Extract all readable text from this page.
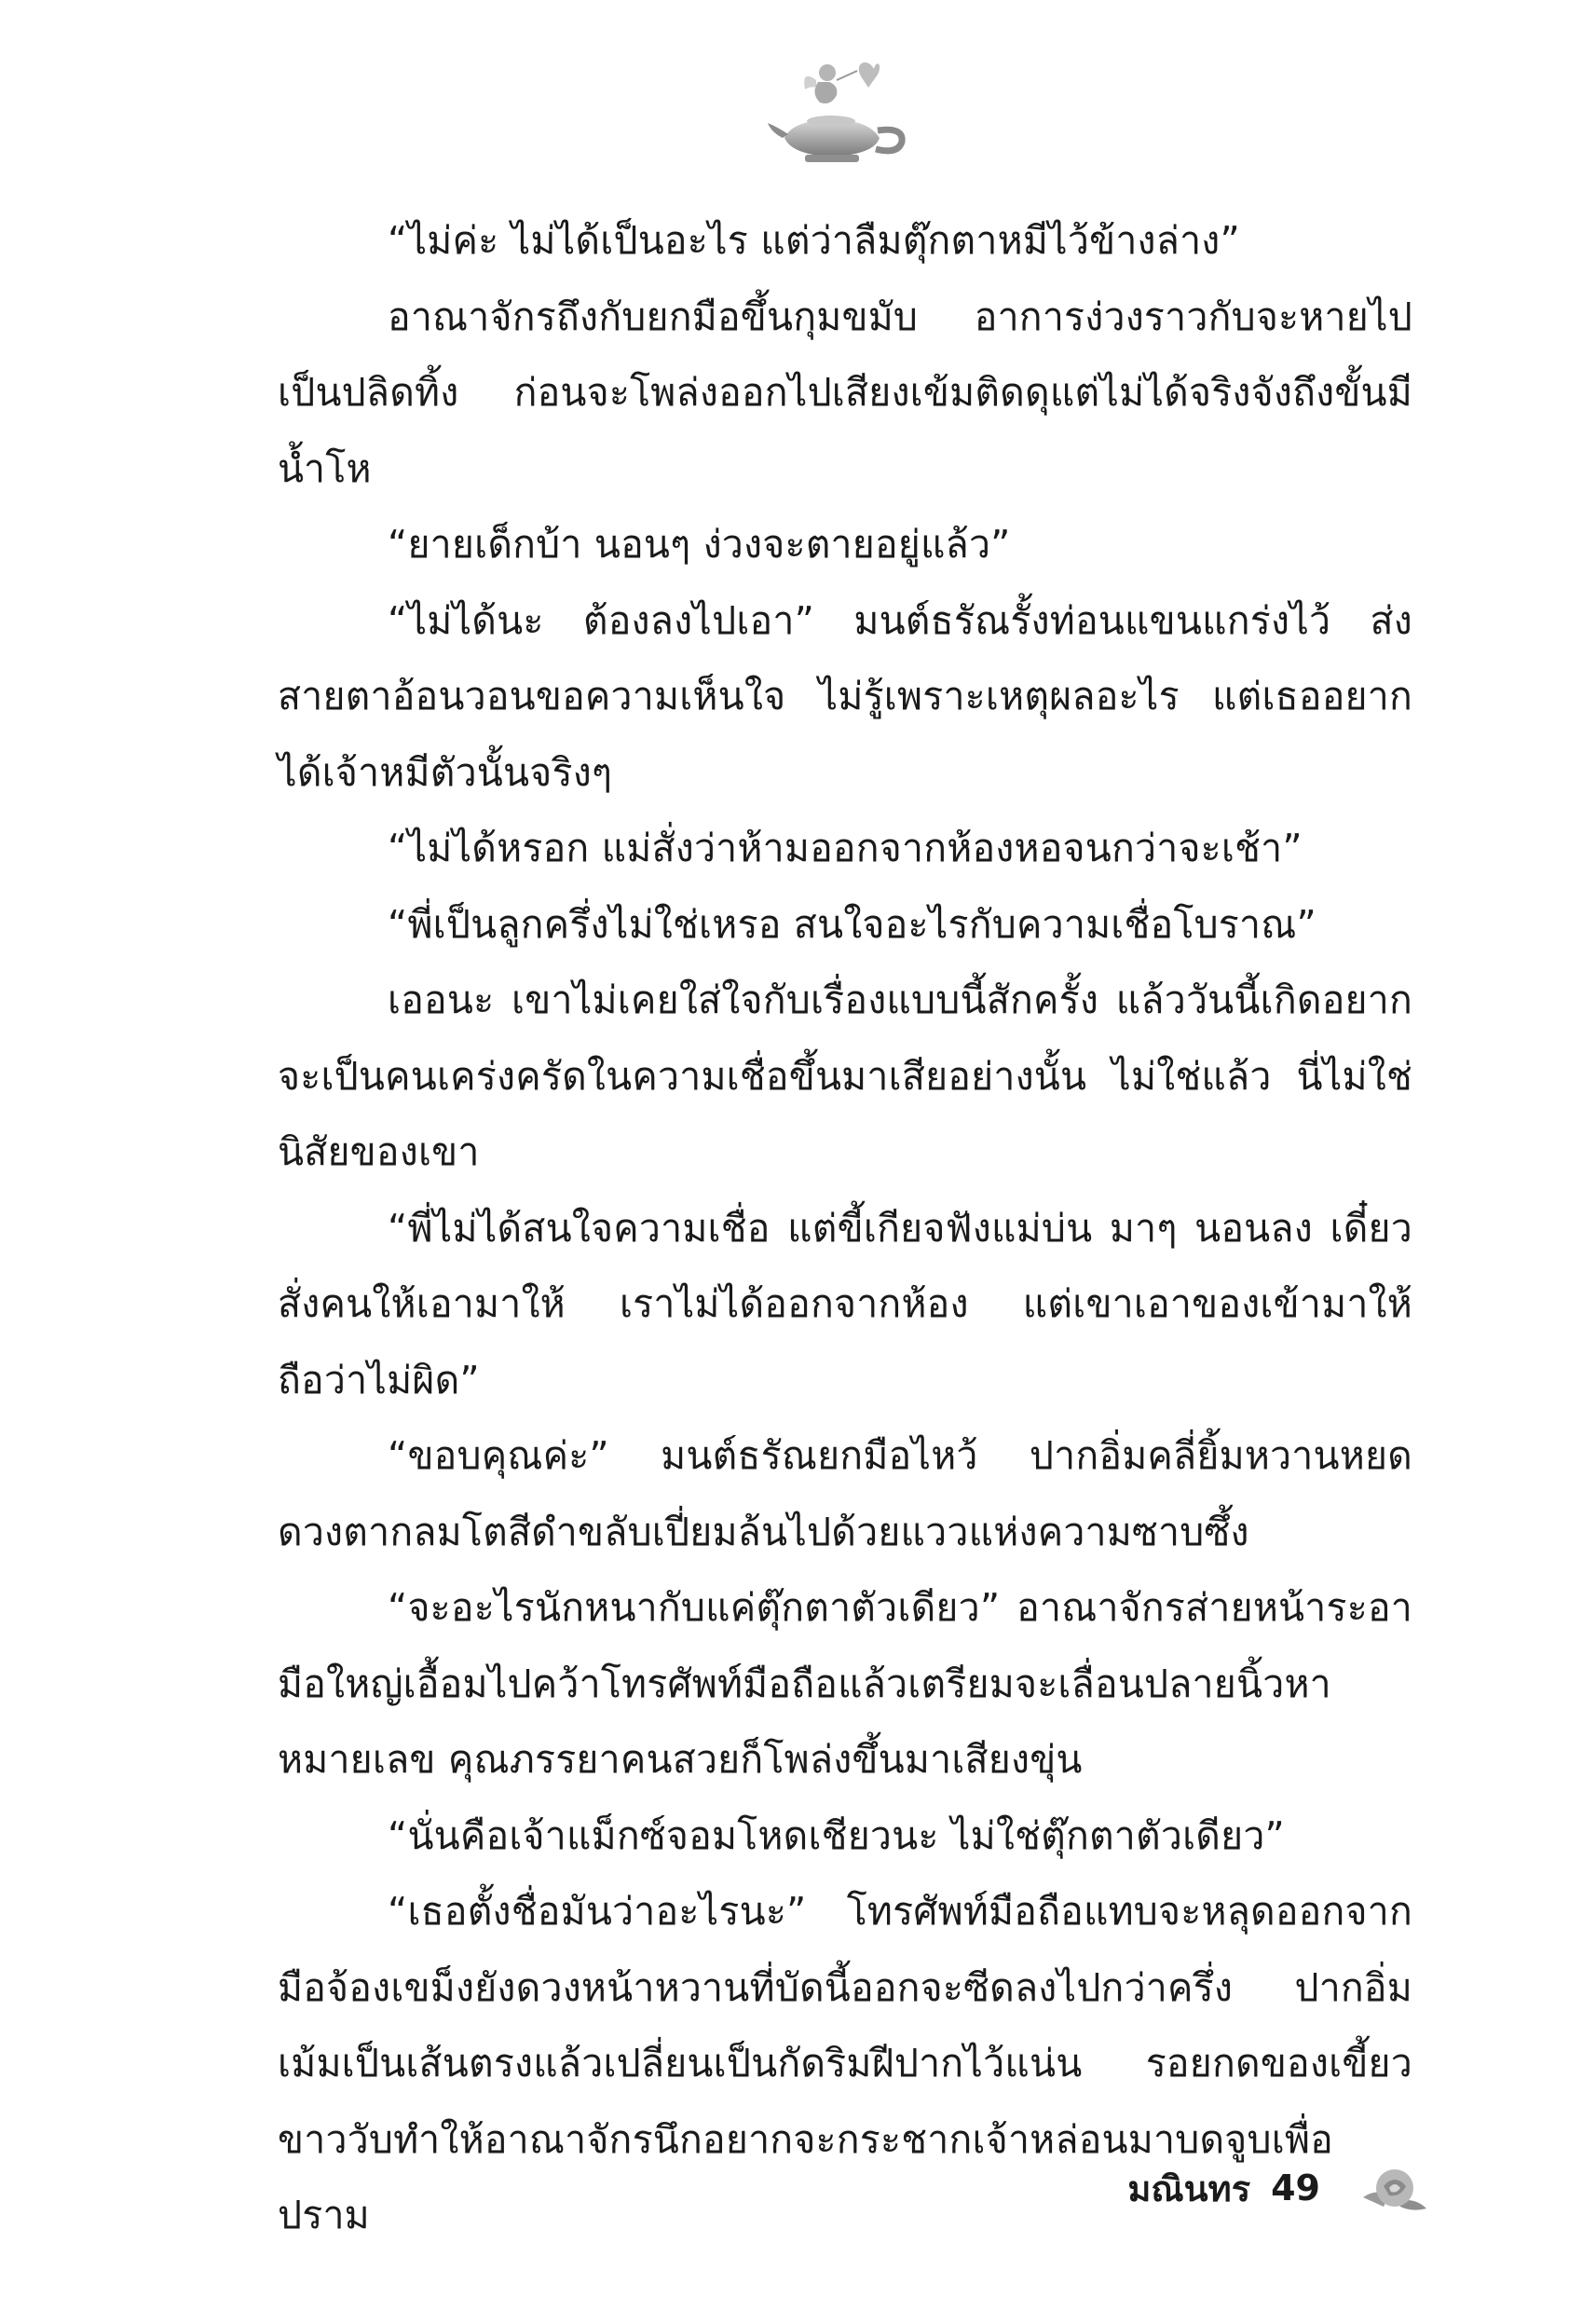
“ไม่ค่ะ ไม่ได้เป็นอะไร แต่ว่าลืมตุ๊กตาหมีไว้ข้างล่าง”

อาณาจักรถึงกับยกมือขึ้นกุมขมับ อาการง่วงราวกับจะหายไปเป็นปลิดทิ้ง ก่อนจะโพล่งออกไปเสียงเข้มติดดุแต่ไม่ได้จริงจังถึงขั้นมีน้ำโห

“ยายเด็กบ้า นอนๆ ง่วงจะตายอยู่แล้ว”

“ไม่ได้นะ ต้องลงไปเอา” มนต์ธรัณรั้งท่อนแขนแกร่งไว้ ส่งสายตาอ้อนวอนขอความเห็นใจ ไม่รู้เพราะเหตุผลอะไร แต่เธออยากได้เจ้าหมีตัวนั้นจริงๆ

“ไม่ได้หรอก แม่สั่งว่าห้ามออกจากห้องหอจนกว่าจะเช้า”

“พี่เป็นลูกครึ่งไม่ใช่เหรอ สนใจอะไรกับความเชื่อโบราณ”

เออนะ เขาไม่เคยใส่ใจกับเรื่องแบบนี้สักครั้ง แล้ววันนี้เกิดอยากจะเป็นคนเคร่งครัดในความเชื่อขึ้นมาเสียอย่างนั้น ไม่ใช่แล้ว นี่ไม่ใช่นิสัยของเขา

“พี่ไม่ได้สนใจความเชื่อ แต่ขี้เกียจฟังแม่บ่น มาๆ นอนลง เดี๋ยวสั่งคนให้เอามาให้ เราไม่ได้ออกจากห้อง แต่เขาเอาของเข้ามาให้ถือว่าไม่ผิด”

“ขอบคุณค่ะ” มนต์ธรัณยกมือไหว้ ปากอิ่มคลี่ยิ้มหวานหยดดวงตากลมโตสีดำขลับเปี่ยมล้นไปด้วยแววแห่งความซาบซึ้ง

“จะอะไรนักหนากับแค่ตุ๊กตาตัวเดียว” อาณาจักรส่ายหน้าระอามือใหญ่เอื้อมไปคว้าโทรศัพท์มือถือแล้วเตรียมจะเลื่อนปลายนิ้วหาหมายเลข คุณภรรยาคนสวยก็โพล่งขึ้นมาเสียงขุ่น

“นั่นคือเจ้าแม็กซ์จอมโหดเชียวนะ ไม่ใช่ตุ๊กตาตัวเดียว”

“เธอตั้งชื่อมันว่าอะไรนะ” โทรศัพท์มือถือแทบจะหลุดออกจากมือจ้องเขม็งยังดวงหน้าหวานที่บัดนี้ออกจะซีดลงไปกว่าครึ่ง ปากอิ่มเม้มเป็นเส้นตรงแล้วเปลี่ยนเป็นกัดริมฝีปากไว้แน่น รอยกดของเขี้ยวขาววับทำให้อาณาจักรนึกอยากจะกระชากเจ้าหล่อนมาบดจูบเพื่อปราม

มณินทร 49
